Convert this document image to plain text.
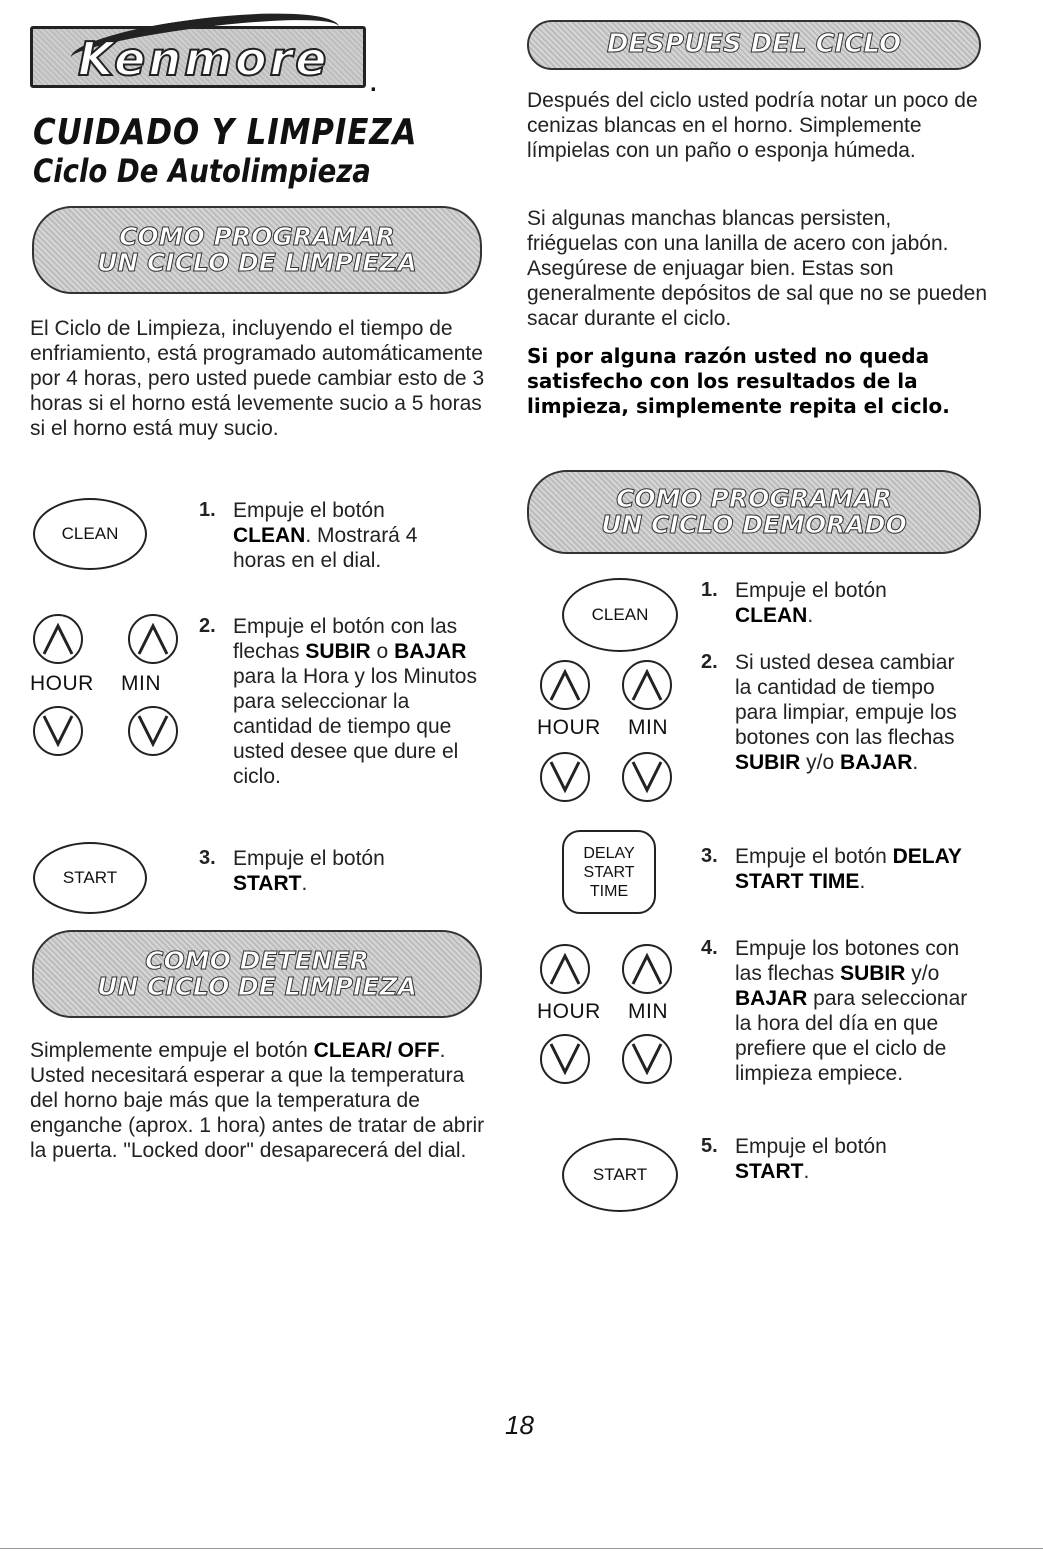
Kenmore .
CUIDADO Y LIMPIEZA
Ciclo De Autolimpieza
COMO PROGRAMAR
UN CICLO DE LIMPIEZA
El Ciclo de Limpieza, incluyendo el tiempo de enfriamiento, está programado automáticamente por 4 horas, pero usted puede cambiar esto de 3 horas si el horno está levemente sucio a 5 horas si el horno está muy sucio.
CLEAN
1. Empuje el botón CLEAN. Mostrará 4 horas en el dial.
HOUR MIN
2. Empuje el botón con las flechas SUBIR o BAJAR para la Hora y los Minutos para seleccionar la cantidad de tiempo que usted desee que dure el ciclo.
START
3. Empuje el botón
START.
COMO DETENER
UN CICLO DE LIMPIEZA
Simplemente empuje el botón CLEAR/ OFF. Usted necesitará esperar a que la temperatura del horno baje más que la temperatura de enganche (aprox. 1 hora) antes de tratar de abrir la puerta. "Locked door" desaparecerá del dial.
DESPUES DEL CICLO
Después del ciclo usted podría notar un poco de cenizas blancas en el horno. Simplemente límpielas con un paño o esponja húmeda.
Si algunas manchas blancas persisten, friéguelas con una lanilla de acero con jabón. Asegúrese de enjuagar bien. Estas son generalmente depósitos de sal que no se pueden sacar durante el ciclo.
Si por alguna razón usted no queda satisfecho con los resultados de la limpieza, simplemente repita el ciclo.
COMO PROGRAMAR
UN CICLO DEMORADO
CLEAN
1. Empuje el botón
CLEAN.
HOUR MIN
2. Si usted desea cambiar la cantidad de tiempo para limpiar, empuje los botones con las flechas SUBIR y/o BAJAR.
DELAY
START
TIME
3. Empuje el botón DELAY START TIME.
HOUR MIN
4. Empuje los botones con las flechas SUBIR y/o BAJAR para seleccionar la hora del día en que prefiere que el ciclo de limpieza empiece.
START
5. Empuje el botón
START.
18
